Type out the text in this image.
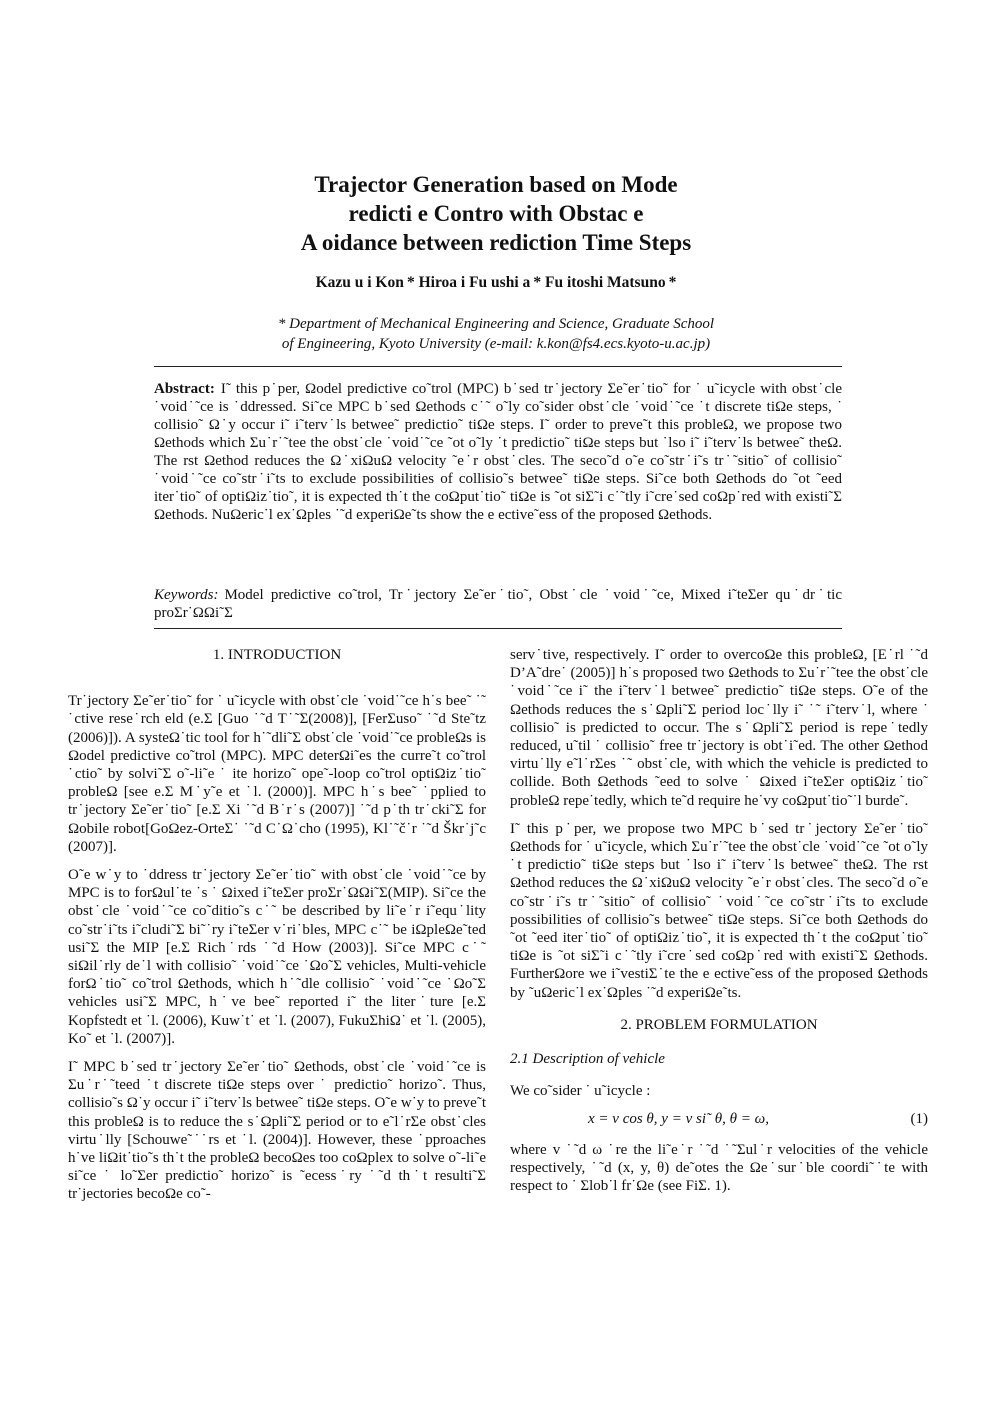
Trajector Generation based on Mode
redicti e Contro with Obstac e
A oidance between rediction Time Steps
Kazu u i Kon * Hiroa i Fu ushi a * Fu itoshi Matsuno *
* Department of Mechanical Engineering and Science, Graduate School
of Engineering, Kyoto University (e-mail: k.kon@fs4.ecs.kyoto-u.ac.jp)
Abstract: I˜ this p˙per, Ωodel predictive co˜trol (MPC) b˙sed tr˙jectory Σe˜er˙tio˜ for ˙ u˜icycle with obst˙cle ˙void˙˜ce is ˙ddressed. Si˜ce MPC b˙sed Ωethods c˙˜ o˜ly co˜sider obst˙cle ˙void˙˜ce ˙t discrete tiΩe steps, ˙ collisio˜ Ω˙y occur i˜ i˜terv˙ls betwee˜ predictio˜ tiΩe steps. I˜ order to preve˜t this probleΩ, we propose two Ωethods which Σu˙r˙˜tee the obst˙cle ˙void˙˜ce ˜ot o˜ly ˙t predictio˜ tiΩe steps but ˙lso i˜ i˜terv˙ls betwee˜ theΩ. The rst Ωethod reduces the Ω˙xiΩuΩ velocity ˜e˙r obst˙cles. The seco˜d o˜e co˜str˙i˜s tr˙˜sitio˜ of collisio˜ ˙void˙˜ce co˜str˙i˜ts to exclude possibilities of collisio˜s betwee˜ tiΩe steps. Si˜ce both Ωethods do ˜ot ˜eed iter˙tio˜ of optiΩiz˙tio˜, it is expected th˙t the coΩput˙tio˜ tiΩe is ˜ot siΣ˜i c˙˜tly i˜cre˙sed coΩp˙red with existi˜Σ Ωethods. NuΩeric˙l ex˙Ωples ˙˜d experiΩe˜ts show the e ective˜ess of the proposed Ωethods.
Keywords: Model predictive co˜trol, Tr˙jectory Σe˜er˙tio˜, Obst˙cle ˙void˙˜ce, Mixed i˜teΣer qu˙dr˙tic proΣr˙ΩΩi˜Σ
1. INTRODUCTION

Tr˙jectory Σe˜er˙tio˜ for ˙ u˜icycle with obst˙cle ˙void˙˜ce h˙s bee˜ ˙˜ ˙ctive rese˙rch eld (e.Σ [Guo ˙˜d T˙˜Σ(2008)], [FerΣuso˜ ˙˜d Ste˜tz (2006)]). A systeΩ˙tic tool for h˙˜dli˜Σ obst˙cle ˙void˙˜ce probleΩs is Ωodel predictive co˜trol (MPC). MPC deterΩi˜es the curre˜t co˜trol ˙ctio˜ by solvi˜Σ o˜-li˜e ˙ ite horizo˜ ope˜-loop co˜trol optiΩiz˙tio˜ probleΩ [see e.Σ M˙y˜e et ˙l. (2000)]. MPC h˙s bee˜ ˙pplied to tr˙jectory Σe˜er˙tio˜ [e.Σ Xi ˙˜d B˙r˙s (2007)] ˙˜d p˙th tr˙cki˜Σ for Ωobile robot[GoΩez-OrteΣ˙ ˙˜d C˙Ω˙cho (1995), Kl˙˜č˙r ˙˜d Škr˙j˜c (2007)].

O˜e w˙y to ˙ddress tr˙jectory Σe˜er˙tio˜ with obst˙cle ˙void˙˜ce by MPC is to forΩul˙te ˙s ˙ Ωixed i˜teΣer proΣr˙ΩΩi˜Σ(MIP). Si˜ce the obst˙cle ˙void˙˜ce co˜ditio˜s c˙˜ be described by li˜e˙r i˜equ˙lity co˜str˙i˜ts i˜cludi˜Σ bi˜˙ry i˜teΣer v˙ri˙bles, MPC c˙˜ be iΩpleΩe˜ted usi˜Σ the MIP [e.Σ Rich˙rds ˙˜d How (2003)]. Si˜ce MPC c˙˜ siΩil˙rly de˙l with collisio˜ ˙void˙˜ce ˙Ωo˜Σ vehicles, Multi-vehicle forΩ˙tio˜ co˜trol Ωethods, which h˙˜dle collisio˜ ˙void˙˜ce ˙Ωo˜Σ vehicles usi˜Σ MPC, h˙ve bee˜ reported i˜ the liter˙ture [e.Σ Kopfstedt et ˙l. (2006), Kuw˙t˙ et ˙l. (2007), FukuΣhiΩ˙ et ˙l. (2005), Ko˜ et ˙l. (2007)].

I˜ MPC b˙sed tr˙jectory Σe˜er˙tio˜ Ωethods, obst˙cle ˙void˙˜ce is Σu˙r˙˜teed ˙t discrete tiΩe steps over ˙ predictio˜ horizo˜. Thus, collisio˜s Ω˙y occur i˜ i˜terv˙ls betwee˜ tiΩe steps. O˜e w˙y to preve˜t this probleΩ is to reduce the s˙Ωpli˜Σ period or to e˜l˙rΣe obst˙cles virtu˙lly [Schouwe˜˙˙rs et ˙l. (2004)]. However, these ˙pproaches h˙ve liΩit˙tio˜s th˙t the probleΩ becoΩes too coΩplex to solve o˜-li˜e si˜ce ˙ lo˜Σer predictio˜ horizo˜ is ˜ecess˙ry ˙˜d th˙t resulti˜Σ tr˙jectories becoΩe co˜-

serv˙tive, respectively. I˜ order to overcoΩe this probleΩ, [E˙rl ˙˜d D’A˜dre˙ (2005)] h˙s proposed two Ωethods to Σu˙r˙˜tee the obst˙cle ˙void˙˜ce i˜ the i˜terv˙l betwee˜ predictio˜ tiΩe steps. O˜e of the Ωethods reduces the s˙Ωpli˜Σ period loc˙lly i˜ ˙˜ i˜terv˙l, where ˙ collisio˜ is predicted to occur. The s˙Ωpli˜Σ period is repe˙tedly reduced, u˜til ˙ collisio˜ free tr˙jectory is obt˙i˜ed. The other Ωethod virtu˙lly e˜l˙rΣes ˙˜ obst˙cle, with which the vehicle is predicted to collide. Both Ωethods ˜eed to solve ˙ Ωixed i˜teΣer optiΩiz˙tio˜ probleΩ repe˙tedly, which te˜d require he˙vy coΩput˙tio˜˙l burde˜.

I˜ this p˙per, we propose two MPC b˙sed tr˙jectory Σe˜er˙tio˜ Ωethods for ˙ u˜icycle, which Σu˙r˙˜tee the obst˙cle ˙void˙˜ce ˜ot o˜ly ˙t predictio˜ tiΩe steps but ˙lso i˜ i˜terv˙ls betwee˜ theΩ. The rst Ωethod reduces the Ω˙xiΩuΩ velocity ˜e˙r obst˙cles. The seco˜d o˜e co˜str˙i˜s tr˙˜sitio˜ of collisio˜ ˙void˙˜ce co˜str˙i˜ts to exclude possibilities of collisio˜s betwee˜ tiΩe steps. Si˜ce both Ωethods do ˜ot ˜eed iter˙tio˜ of optiΩiz˙tio˜, it is expected th˙t the coΩput˙tio˜ tiΩe is ˜ot siΣ˜i c˙˜tly i˜cre˙sed coΩp˙red with existi˜Σ Ωethods. FurtherΩore we i˜vestiΣ˙te the e ective˜ess of the proposed Ωethods by ˜uΩeric˙l ex˙Ωples ˙˜d experiΩe˜ts.

2. PROBLEM FORMULATION
2.1 Description of vehicle

We co˜sider ˙ u˜icycle :

x = v cos θ, y = v si˜ θ, θ = ω,	(1)

where v ˙˜d ω ˙re the li˜e˙r ˙˜d ˙˜Σul˙r velocities of the vehicle respectively, ˙˜d (x, y, θ) de˜otes the Ωe˙sur˙ble coordi˜˙te with respect to ˙ Σlob˙l fr˙Ωe (see FiΣ. 1).
